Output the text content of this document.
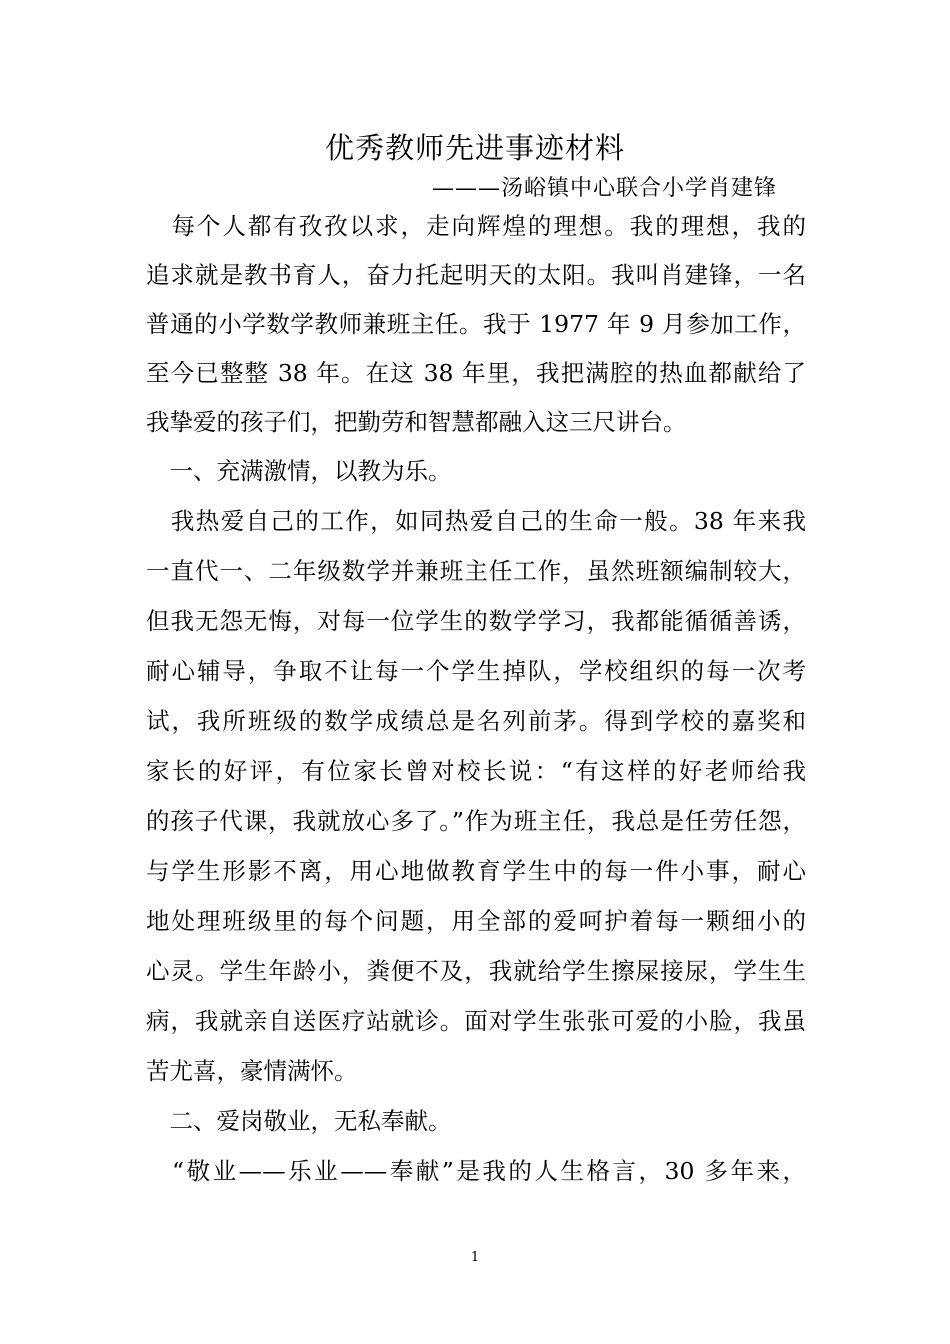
优秀教师先进事迹材料
———汤峪镇中心联合小学肖建锋
　每个人都有孜孜以求，走向辉煌的理想。我的理想，我的
追求就是教书育人，奋力托起明天的太阳。我叫肖建锋，一名
普通的小学数学教师兼班主任。我于 1977 年 9 月参加工作，
至今已整整 38 年。在这 38 年里，我把满腔的热血都献给了
我挚爱的孩子们，把勤劳和智慧都融入这三尺讲台。
　一、充满激情，以教为乐。
　我热爱自己的工作，如同热爱自己的生命一般。38 年来我
一直代一、二年级数学并兼班主任工作，虽然班额编制较大，
但我无怨无悔，对每一位学生的数学学习，我都能循循善诱，
耐心辅导，争取不让每一个学生掉队，学校组织的每一次考
试，我所班级的数学成绩总是名列前茅。得到学校的嘉奖和
家长的好评，有位家长曾对校长说：“有这样的好老师给我
的孩子代课，我就放心多了。”作为班主任，我总是任劳任怨，
与学生形影不离，用心地做教育学生中的每一件小事，耐心
地处理班级里的每个问题，用全部的爱呵护着每一颗细小的
心灵。学生年龄小，粪便不及，我就给学生擦屎接尿，学生生
病，我就亲自送医疗站就诊。面对学生张张可爱的小脸，我虽
苦尤喜，豪情满怀。
　二、爱岗敬业，无私奉献。
　“敬业——乐业——奉献”是我的人生格言，30 多年来，
1
